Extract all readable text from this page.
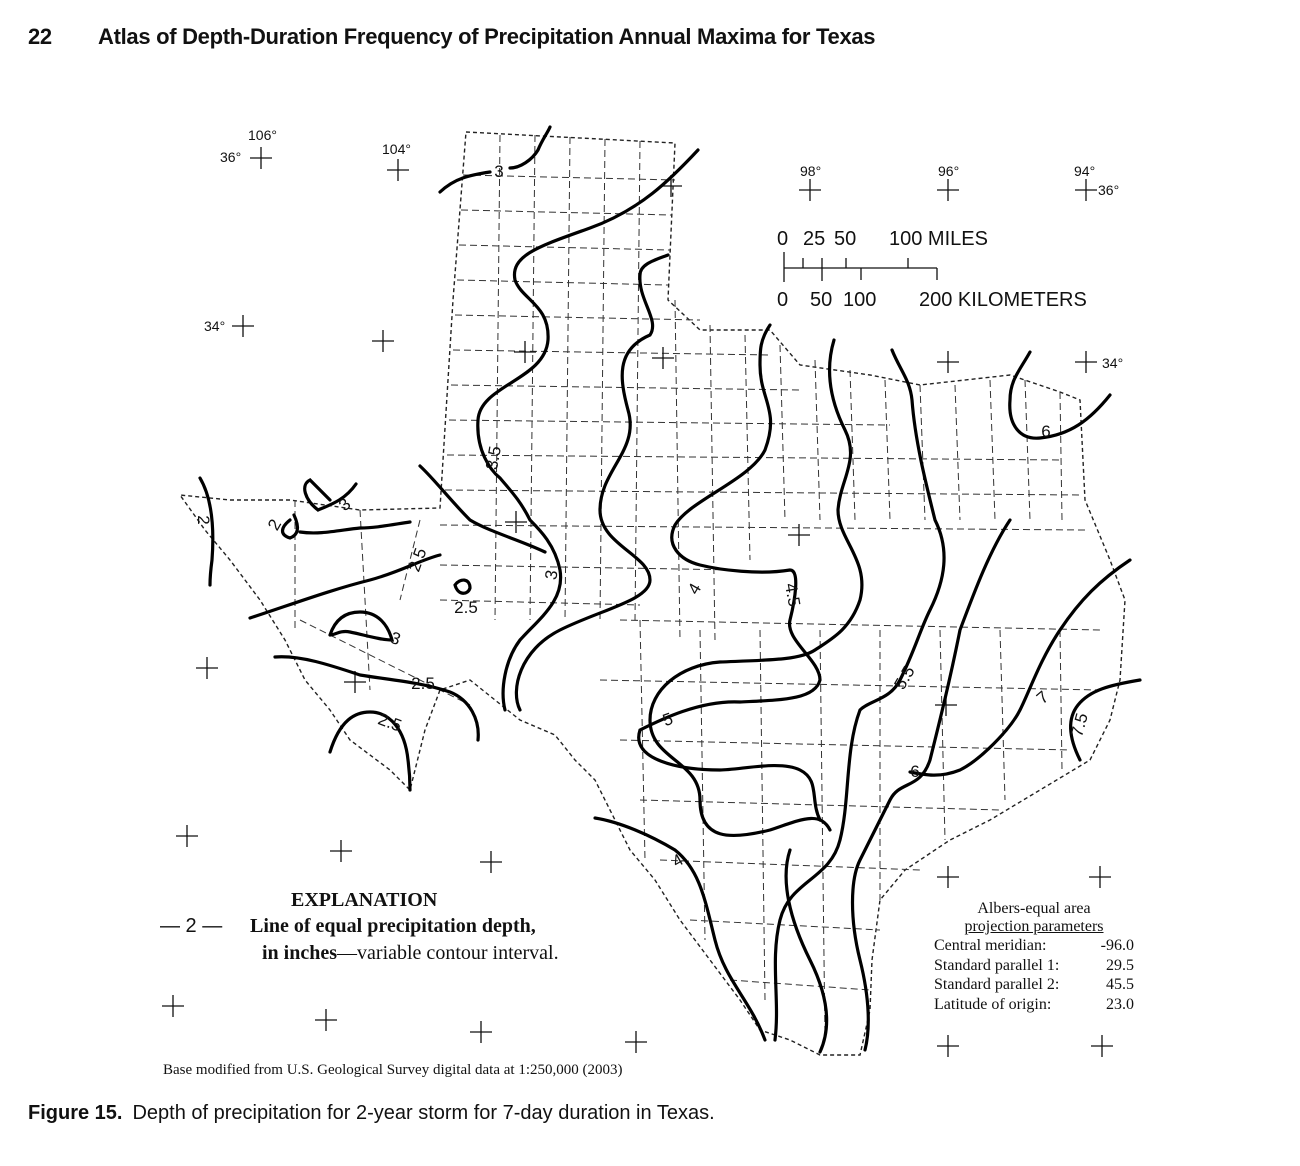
22 Atlas of Depth-Duration Frequency of Precipitation Annual Maxima for Texas
106°
104°
98°	96°	94°
36°
34°
34°
36°
0 25 50 100 MILES
0 50 100 200 KILOMETERS
3
3
2	2
2.5
2.5
2.5
2.5
3
3
3.5
4	4.5
4
5
5.5
6
6
7
7.5
EXPLANATION
— 2 — Line of equal precipitation depth,
in inches—variable contour interval.
Albers-equal area
projection parameters
Central meridian:	-96.0
Standard parallel 1:	29.5
Standard parallel 2:	45.5
Latitude of origin:	23.0
Base modified from U.S. Geological Survey digital data at 1:250,000 (2003)
Figure 15. Depth of precipitation for 2-year storm for 7-day duration in Texas.
